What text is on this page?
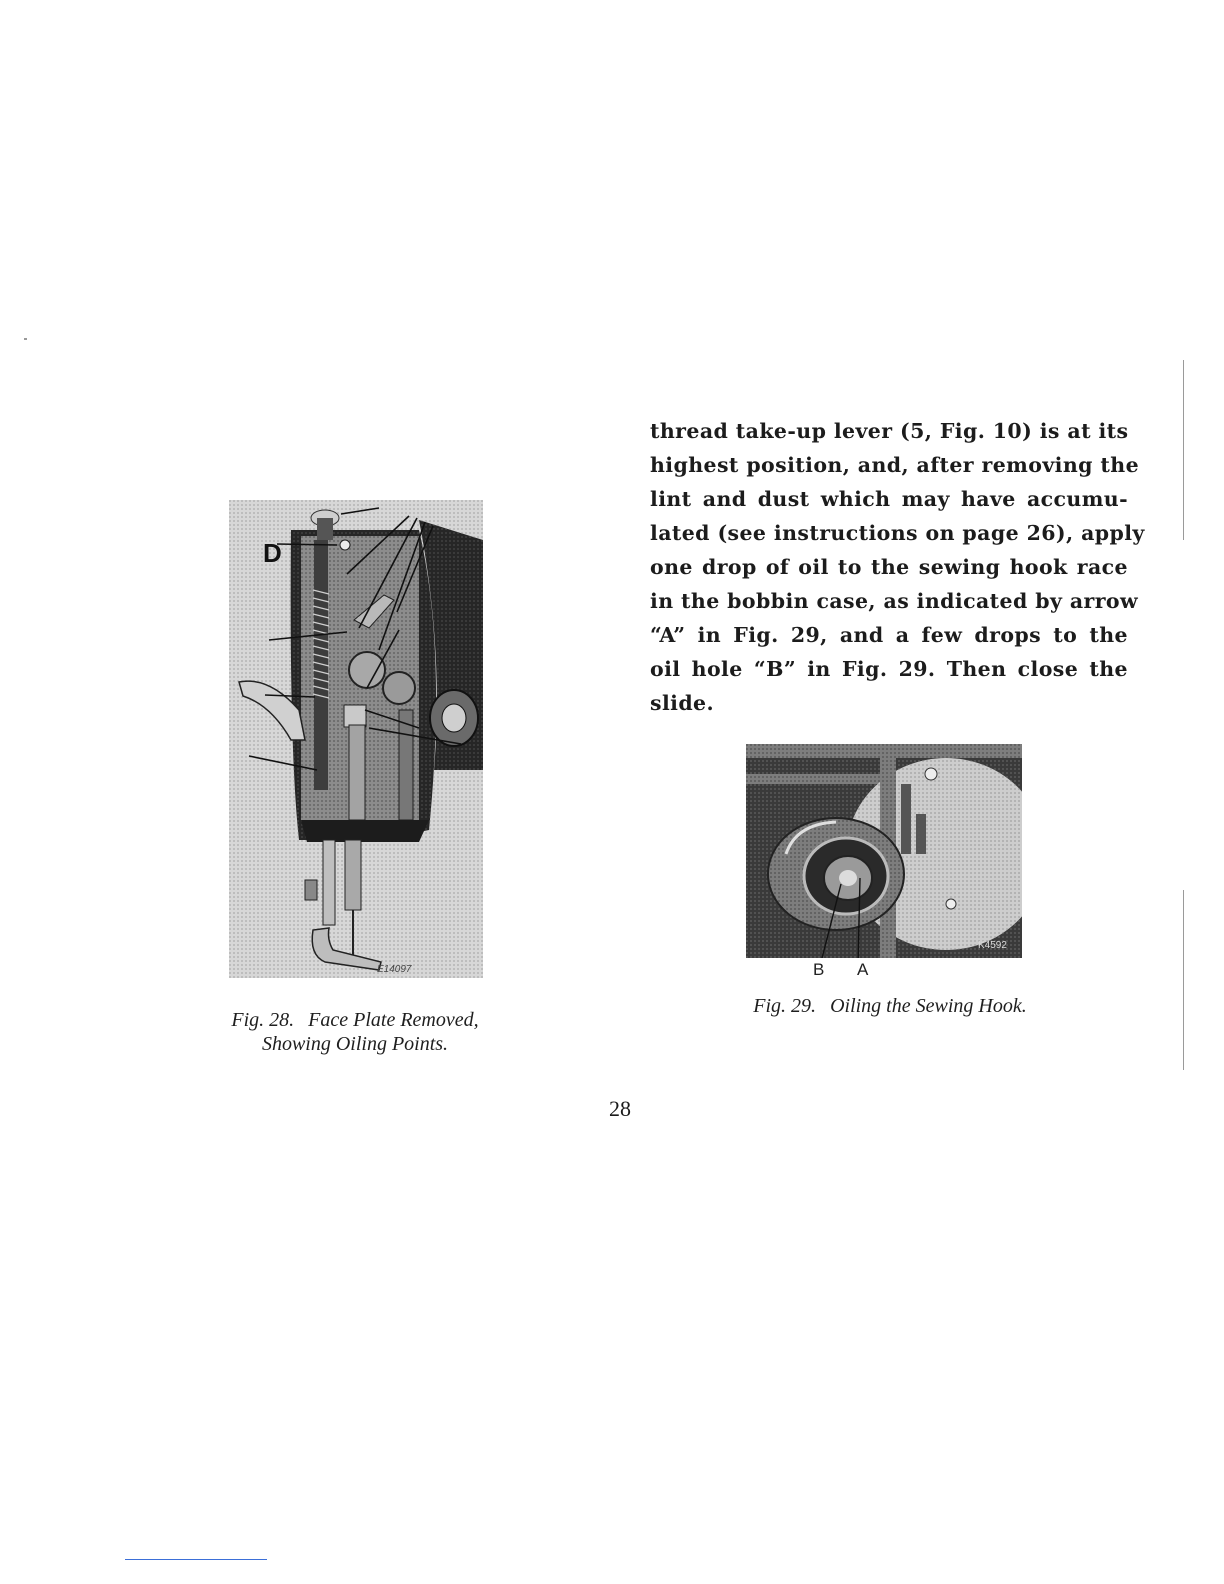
thread take-up lever (5, Fig. 10) is at its
highest position, and, after removing the
lint and dust which may have accumu-
lated (see instructions on page 26), apply
one drop of oil to the sewing hook race
in the bobbin case, as indicated by arrow
“A” in Fig. 29, and a few drops to the
oil hole “B” in Fig. 29. Then close the
slide.
D
E14097
Fig. 28. Face Plate Removed,
Showing Oiling Points.
K4592
B A
Fig. 29. Oiling the Sewing Hook.
28
